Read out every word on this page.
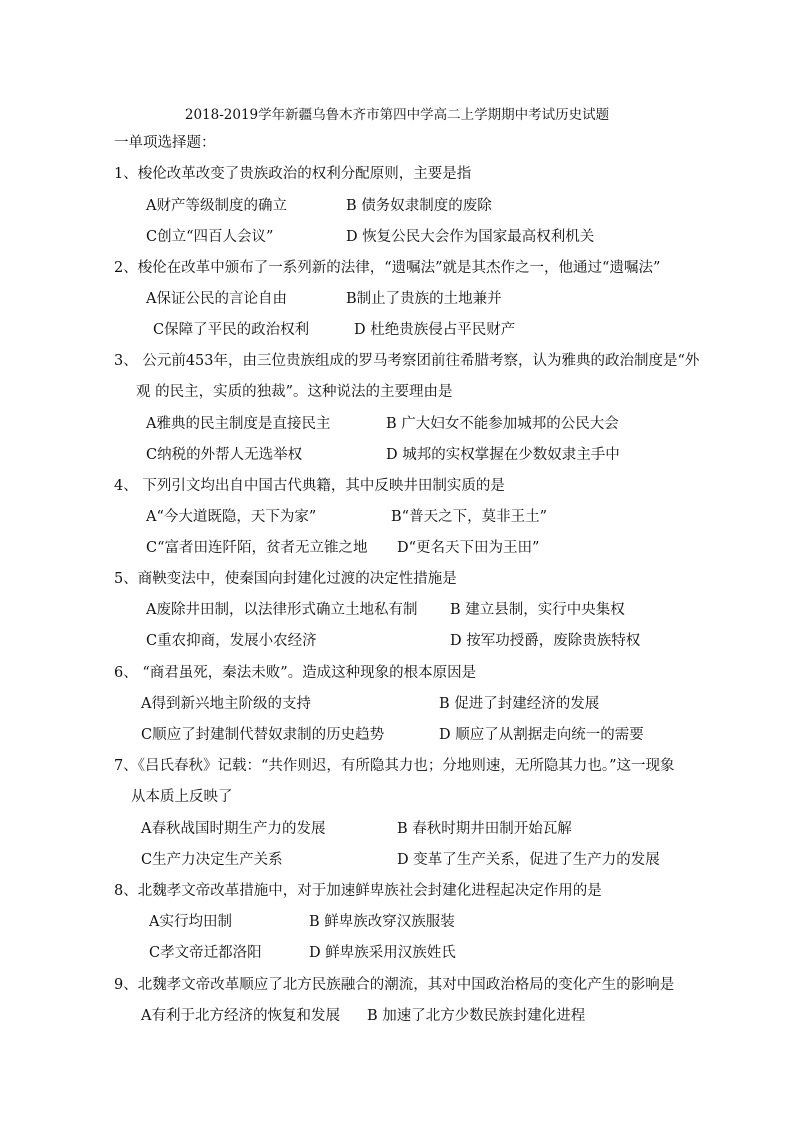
2018-2019学年新疆乌鲁木齐市第四中学高二上学期期中考试历史试题
一单项选择题：
1、梭伦改革改变了贵族政治的权利分配原则，主要是指
A财产等级制度的确立	B 债务奴隶制度的废除
C创立“四百人会议”	D 恢复公民大会作为国家最高权利机关
2、梭伦在改革中颁布了一系列新的法律，“遗嘱法”就是其杰作之一，他通过“遗嘱法”
A保证公民的言论自由	B制止了贵族的土地兼并
C保障了平民的政治权利	D 杜绝贵族侵占平民财产
3、 公元前453年，由三位贵族组成的罗马考察团前往希腊考察，认为雅典的政治制度是“外
观 的民主，实质的独裁”。这种说法的主要理由是
A雅典的民主制度是直接民主	B 广大妇女不能参加城邦的公民大会
C纳税的外帮人无选举权	D 城邦的实权掌握在少数奴隶主手中
4、 下列引文均出自中国古代典籍，其中反映井田制实质的是
A“今大道既隐，天下为家”	B“普天之下，莫非王土”
C“富者田连阡陌，贫者无立锥之地 D“更名天下田为王田”
5、商鞅变法中，使秦国向封建化过渡的决定性措施是
A废除井田制，以法律形式确立土地私有制 B 建立县制，实行中央集权
C重农抑商，发展小农经济	D 按军功授爵，废除贵族特权
6、 “商君虽死，秦法未败”。造成这种现象的根本原因是
A得到新兴地主阶级的支持	B 促进了封建经济的发展
C顺应了封建制代替奴隶制的历史趋势	D 顺应了从割据走向统一的需要
7、《吕氏春秋》记载：“共作则迟，有所隐其力也；分地则速，无所隐其力也。”这一现象
从本质上反映了
A春秋战国时期生产力的发展	B 春秋时期井田制开始瓦解
C生产力决定生产关系	D 变革了生产关系，促进了生产力的发展
8、北魏孝文帝改革措施中，对于加速鲜卑族社会封建化进程起决定作用的是
A实行均田制	B 鲜卑族改穿汉族服装
C孝文帝迁都洛阳	D 鲜卑族采用汉族姓氏
9、北魏孝文帝改革顺应了北方民族融合的潮流，其对中国政治格局的变化产生的影响是
A有利于北方经济的恢复和发展 B 加速了北方少数民族封建化进程
